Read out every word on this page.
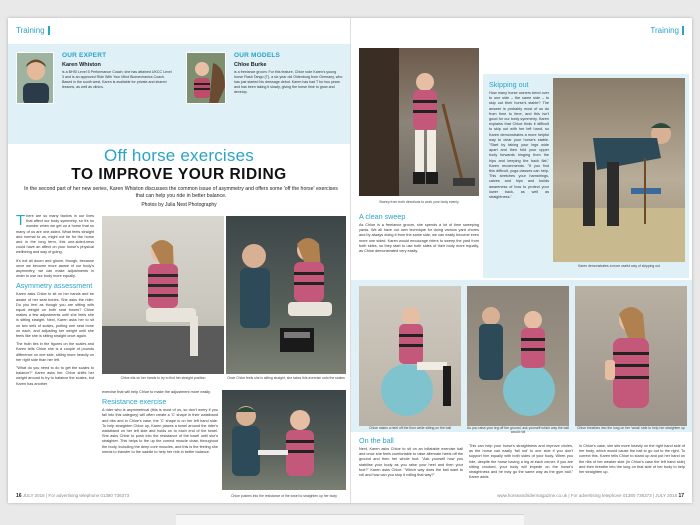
Training
OUR EXPERT
Karen Whiston
is a BHSI Level 5 Performance Coach; she has attained UKCC Level 3 and is an approved Ride With Your Mind Biomechanics Coach. Based in the south west, Karen is available for private and shared lessons, as well as clinics.
OUR MODELS
Chloe Burke
is a freelance groom. For this feature, Chloe rode Karen's young horse Flash Tango (T), a six year old Oldenburg from Germany, who has just started his dressage debut. Karen has had T for two years and has been taking it slowly, giving the horse time to grow and develop.
Off horse exercises
TO IMPROVE YOUR RIDING
In the second part of her new series, Karen Whiston discusses the common issue of asymmetry and offers some 'off the horse' exercises that can help you ride in better balance.
Photos by Julia Nest Photography

There are so many factors in our lives that affect our body symmetry, so it's no wonder when we get on a horse that so many of us are one-sided. What feels straight and normal to us, might not be for the horse and in the long term, this one-sided-ness could have an affect on your horse's physical wellbeing and way of going.

It's not all doom and gloom, though, because once we become more aware of our body's asymmetry, we can make adjustments in order to use our body more equally.

Asymmetry assessment

Karen asks Chloe to sit on her hands and be aware of her seat bones. She asks the rider: Do you feel as though you are sitting with equal weight on both seat bones? Chloe makes a few adjustments until she feels she is sitting straight. Next, Karen asks her to sit on two sets of scales, putting one seat bone on each, and adjusting her weight until she feels like she is sitting straight once again.

The truth lies in the figures on the scales and Karen tells Chloe she is a couple of pounds difference on one side, sitting more heavily on her right side than her left.

"What do you need to do to get the scales to balance?" Karen asks her. Chloe shifts her weight around to try to balance the scales, but Karen has another

Chloe sits on her hands to try to find her straight position	Once Chloe feels she is sitting straight, she takes this exercise onto the scales

exercise that will help Chloe to make the adjustment more easily.

Resistance exercise

A rider who is asymmetrical (this is most of us, so don't worry if you fall into this category) will often create a 'C' shape in their waistband and ribs and in Chloe's case, the 'C' shape is on her left hand side. To help straighten Chloe up, Karen places a towel around the rider's waistband on her left side and holds on to each end of the towel. She asks Chloe to push into the resistance of the towel until she's straighter. This helps to fire up the correct muscle chain throughout the body, including the deep core muscles, and this is the feeling she needs to transfer to the saddle to help her ride in better balance.

Chloe pushes into the resistance of the towel to straighten up her body
16 JULY 2016 | For advertising telephone 01380 736373
Training
Sweep from both directions to work your body evenly
A clean sweep

As Chloe is a freelance groom, she spends a lot of time sweeping yards. We all have our own technique for doing various yard chores and by always doing it from the same side, we can easily become even more one sided. Karen would encourage riders to sweep the yard from both sides, so they start to use both sides of their body more equally, as Chloe demonstrated very easily.

Skipping out

How many horse owners bend over to one side – the same side – to skip out their horse's stable? The answer is probably most of us do from time to time, and this isn't good for our body symmetry. Karen explains that Chloe finds it difficult to skip out with her left hand, so Karen demonstrates a more helpful way to clear your horse's stable. "Start by taking your legs wide apart and then fold your upper body forwards hinging from the hips and keeping the back flat," Karen recommends. "If you find this difficult, yoga classes can help. This stretches your hamstrings, calves and hips and builds awareness of how to protect your lower back, as well as straightness."

Karen demonstrates a more useful way of skipping out
Chloe raises a heel off the floor while sitting on the ball	As you raise your leg off the ground, ask yourself which way the ball would roll
Chloe breathes into the lung on her 'weak' side to help her straighten up
On the ball

Next, Karen asks Chloe to sit on an inflatable exercise ball and once she feels comfortable to raise alternate heels off the ground and then her whole foot. "Ask yourself how you stabilise your body as you raise your heel and then your foot?" Karen asks Chloe. "Which way does the ball want to roll and how can you stop it rolling that way?"

This can help your horse's straightness and improve circles, as the horse can easily 'fall out' to one side if you don't support him equally with both sides of your body. When you ride, despite the horse having a leg at each corner, if you are sitting crooked, your body will impede on the horse's straightness and he may go the same way as the gym ball," Karen adds.

In Chloe's case, she sits more heavily on the right hand side of her body, which would cause the ball to go out to the right. To correct this, Karen tells Chloe to stand up and put her hand on the ribs of her weaker side (in Chloe's case the left hand side) and then breathe into the lung on that side of her body to help her straighten up.

www.horseandridermagazine.co.uk | For advertising telephone 01380 736373 | JULY 2016 17
